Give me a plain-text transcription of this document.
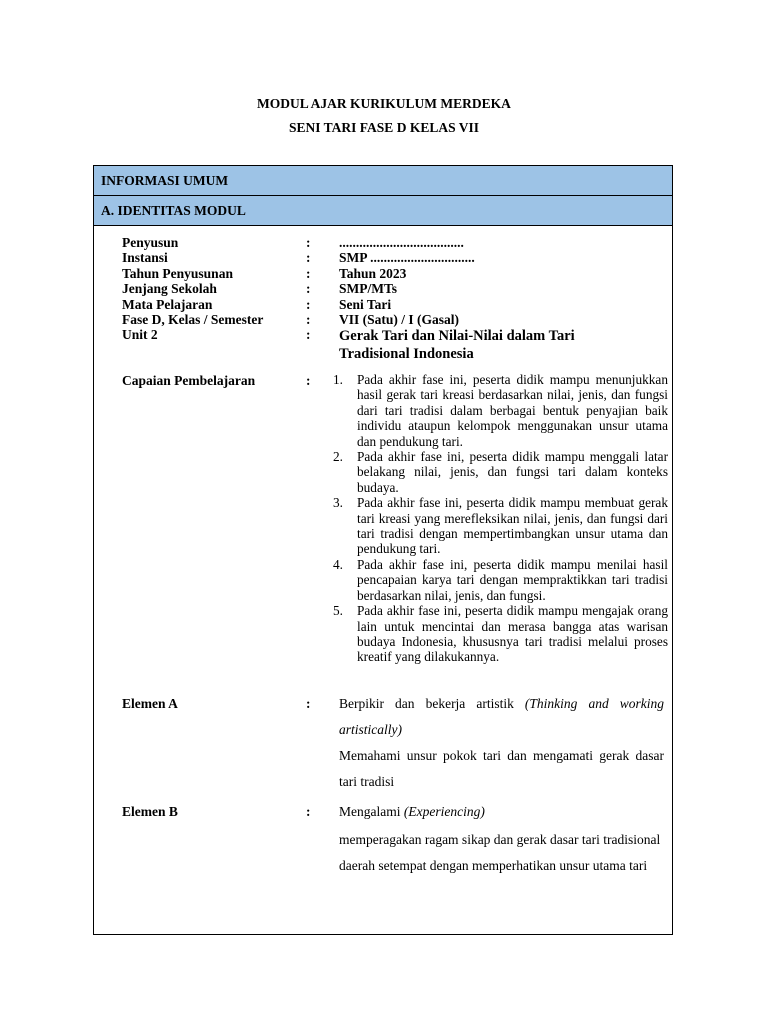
MODUL AJAR KURIKULUM MERDEKA
SENI TARI FASE D KELAS VII
INFORMASI UMUM
A. IDENTITAS MODUL
Penyusun	: .....................................
Instansi	: SMP ...............................
Tahun Penyusunan	: Tahun 2023
Jenjang Sekolah	: SMP/MTs
Mata Pelajaran	: Seni Tari
Fase D, Kelas / Semester	: VII (Satu) / I (Gasal)
Unit 2	: Gerak Tari dan Nilai-Nilai dalam Tari Tradisional Indonesia
Capaian Pembelajaran	: 1. Pada akhir fase ini, peserta didik mampu menunjukkan hasil gerak tari kreasi berdasarkan nilai, jenis, dan fungsi dari tari tradisi dalam berbagai bentuk penyajian baik individu ataupun kelompok menggunakan unsur utama dan pendukung tari.
2. Pada akhir fase ini, peserta didik mampu menggali latar belakang nilai, jenis, dan fungsi tari dalam konteks budaya.
3. Pada akhir fase ini, peserta didik mampu membuat gerak tari kreasi yang merefleksikan nilai, jenis, dan fungsi dari tari tradisi dengan mempertimbangkan unsur utama dan pendukung tari.
4. Pada akhir fase ini, peserta didik mampu menilai hasil pencapaian karya tari dengan mempraktikkan tari tradisi berdasarkan nilai, jenis, dan fungsi.
5. Pada akhir fase ini, peserta didik mampu mengajak orang lain untuk mencintai dan merasa bangga atas warisan budaya Indonesia, khususnya tari tradisi melalui proses kreatif yang dilakukannya.
Elemen A	: Berpikir dan bekerja artistik (Thinking and working artistically)
Memahami unsur pokok tari dan mengamati gerak dasar tari tradisi
Elemen B	: Mengalami (Experiencing)
memperagakan ragam sikap dan gerak dasar tari tradisional daerah setempat dengan memperhatikan unsur utama tari
